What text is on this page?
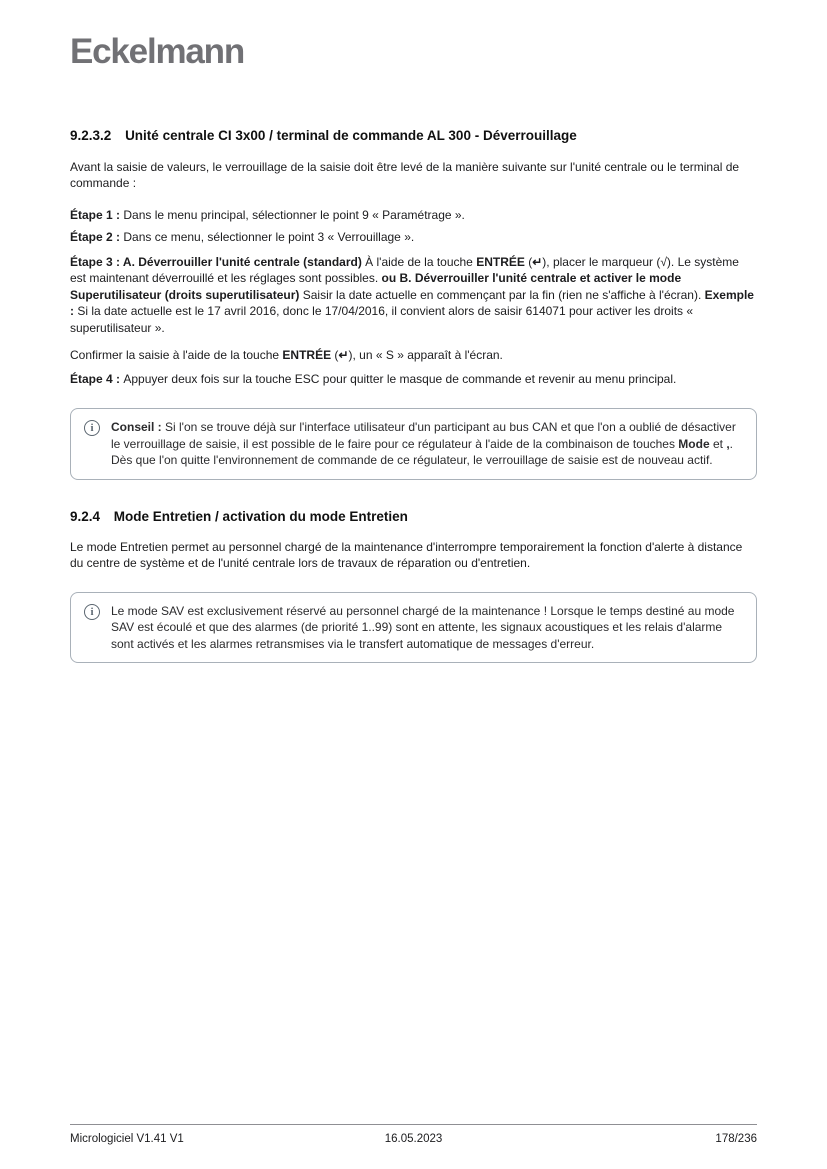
Eckelmann
9.2.3.2 Unité centrale CI 3x00 / terminal de commande AL 300 - Déverrouillage

Avant la saisie de valeurs, le verrouillage de la saisie doit être levé de la manière suivante sur l'unité centrale ou le terminal de commande :

Étape 1 : Dans le menu principal, sélectionner le point 9 « Paramétrage ».

Étape 2 : Dans ce menu, sélectionner le point 3 « Verrouillage ».

Étape 3 : A. Déverrouiller l'unité centrale (standard) À l'aide de la touche ENTRÉE (↵), placer le marqueur (√). Le système est maintenant déverrouillé et les réglages sont possibles. ou B. Déverrouiller l'unité centrale et activer le mode Superutilisateur (droits superutilisateur) Saisir la date actuelle en commençant par la fin (rien ne s'affiche à l'écran). Exemple : Si la date actuelle est le 17 avril 2016, donc le 17/04/2016, il convient alors de saisir 614071 pour activer les droits « superutilisateur ».

Confirmer la saisie à l'aide de la touche ENTRÉE (↵), un « S » apparaît à l'écran.

Étape 4 : Appuyer deux fois sur la touche ESC pour quitter le masque de commande et revenir au menu principal.

i	Conseil : Si l'on se trouve déjà sur l'interface utilisateur d'un participant au bus CAN et que l'on a oublié de désactiver le verrouillage de saisie, il est possible de le faire pour ce régulateur à l'aide de la combinaison de touches Mode et ,. Dès que l'on quitte l'environnement de commande de ce régulateur, le verrouillage de saisie est de nouveau actif.

9.2.4 Mode Entretien / activation du mode Entretien

Le mode Entretien permet au personnel chargé de la maintenance d'interrompre temporairement la fonction d'alerte à distance du centre de système et de l'unité centrale lors de travaux de réparation ou d'entretien.

i	Le mode SAV est exclusivement réservé au personnel chargé de la maintenance ! Lorsque le temps destiné au mode SAV est écoulé et que des alarmes (de priorité 1..99) sont en attente, les signaux acoustiques et les relais d'alarme sont activés et les alarmes retransmises via le transfert automatique de messages d'erreur.

Micrologiciel V1.41 V1	16.05.2023	178/236
